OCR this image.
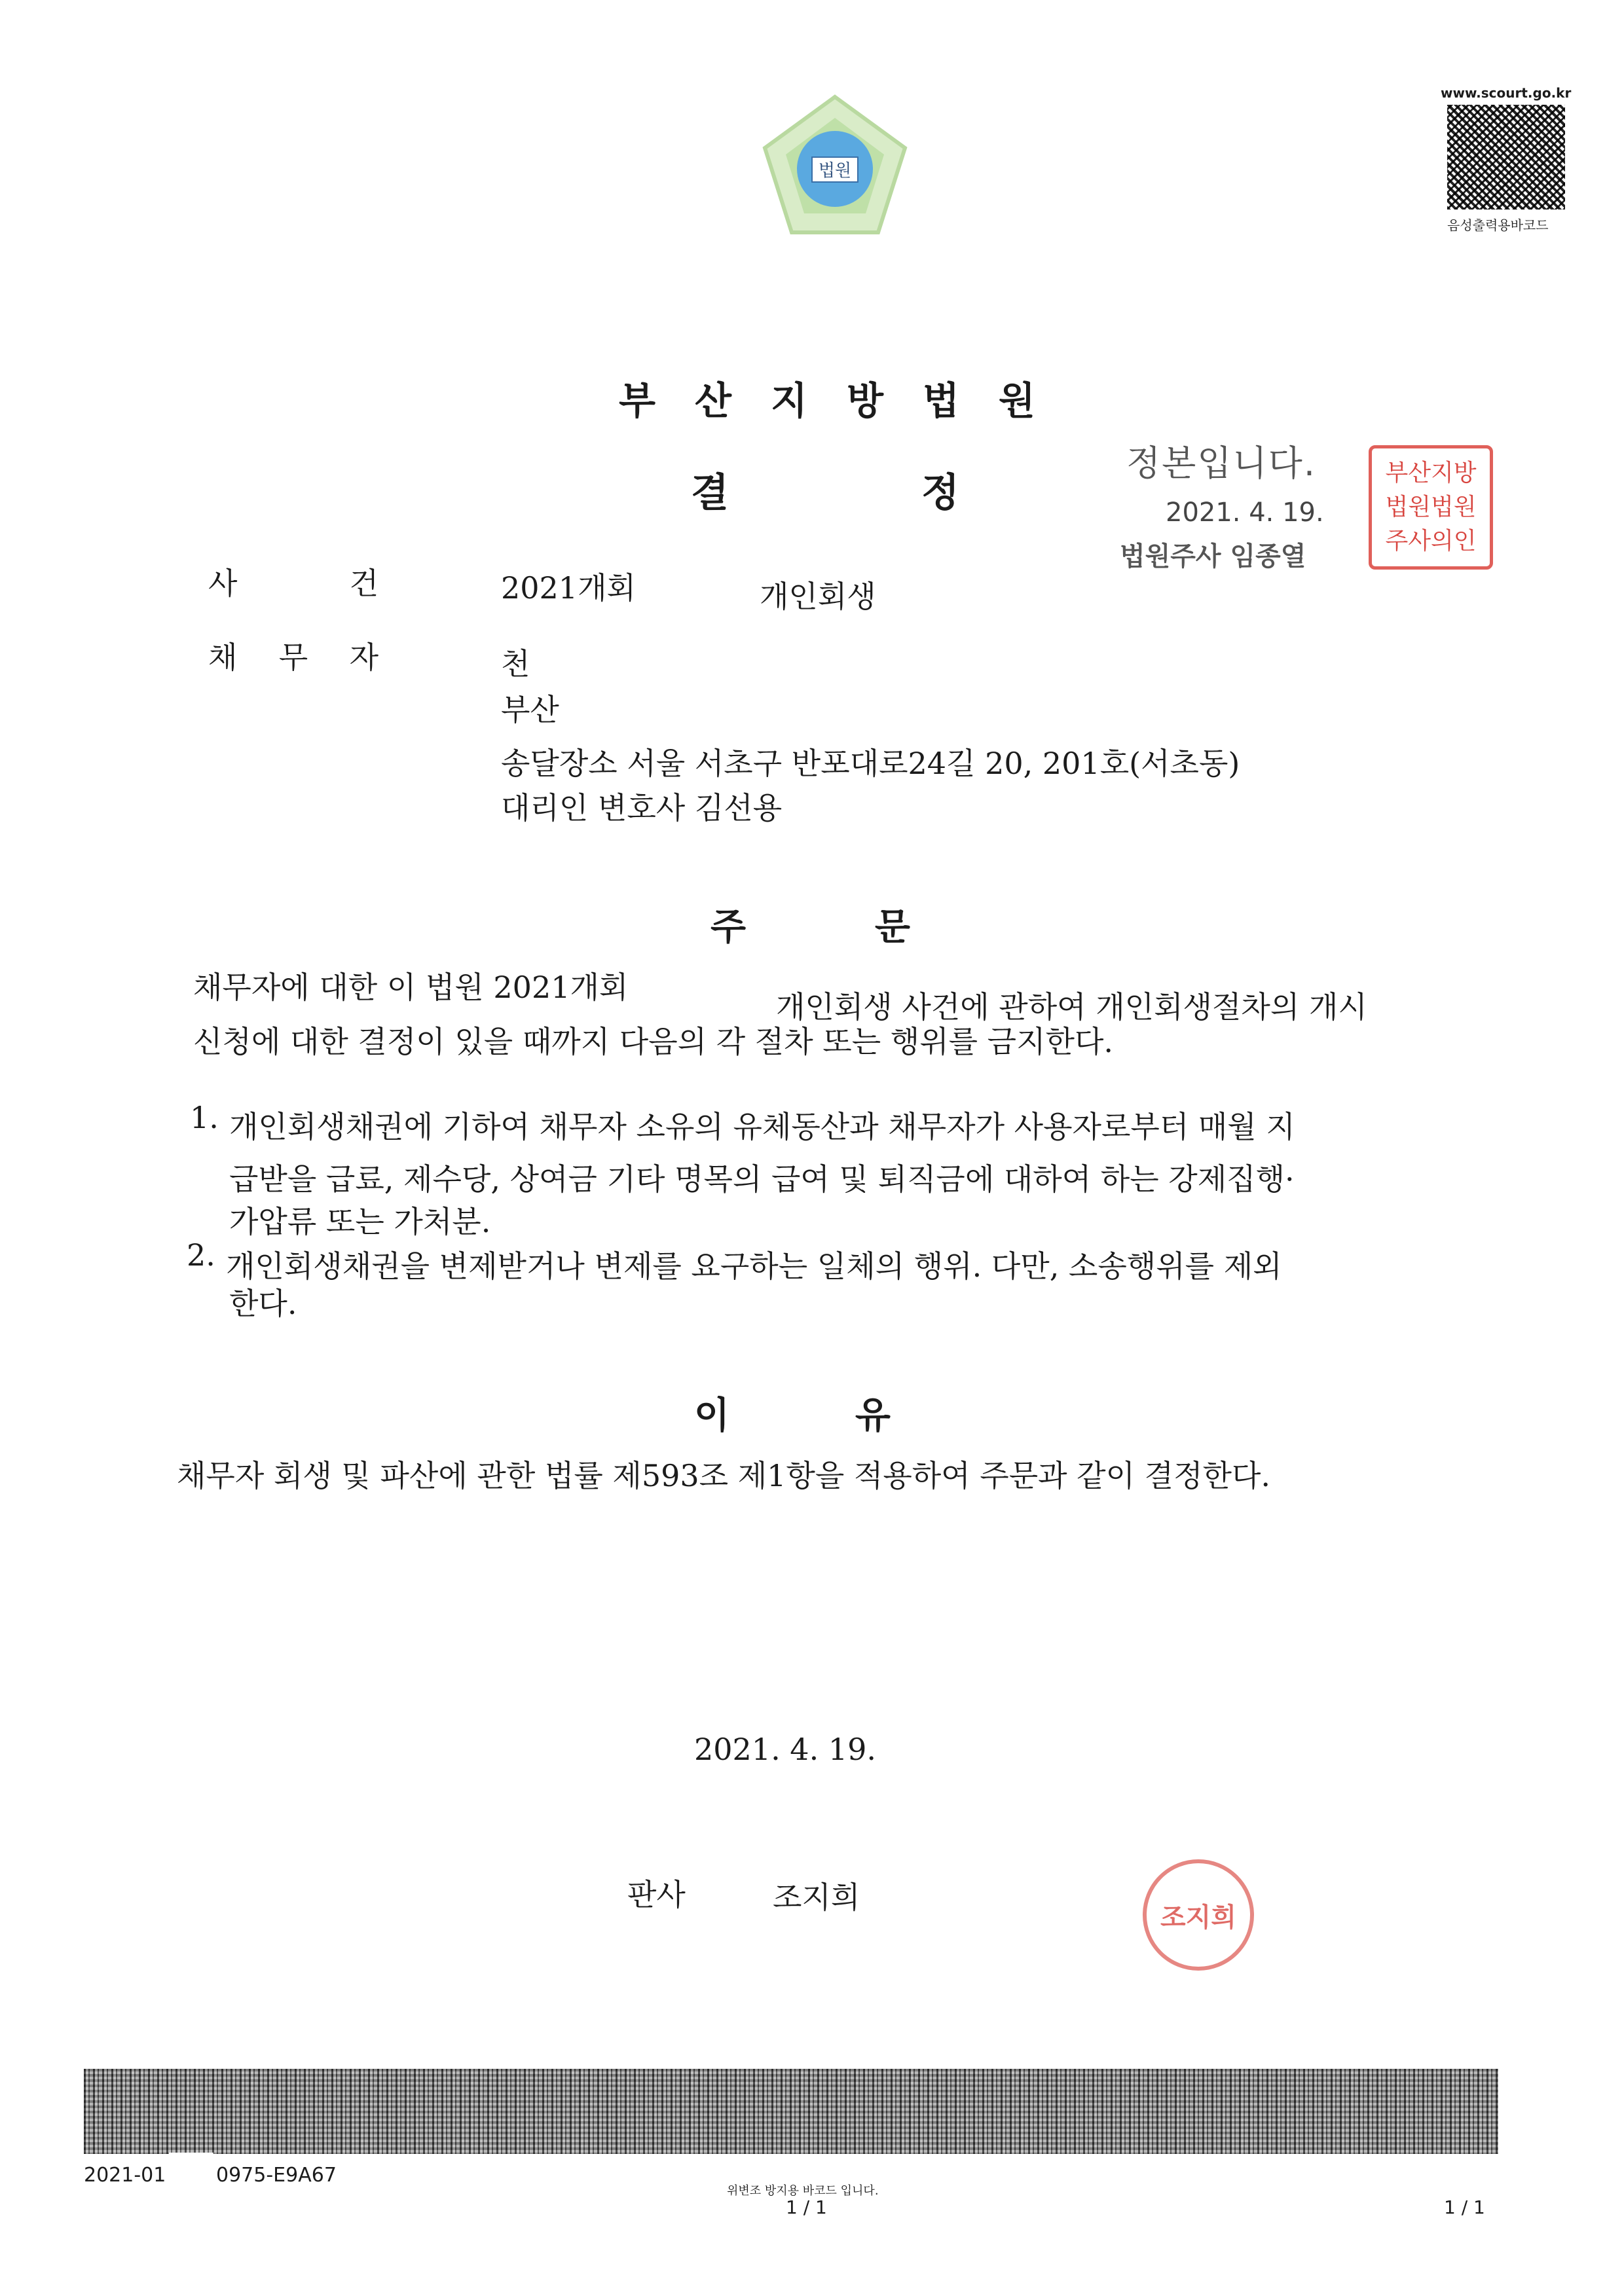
법원
www.scourt.go.kr
음성출력용바코드
부 산 지 방 법 원
결	정
정본입니다.
2021. 4. 19.
법원주사 임종열
부산지방
법원법원
주사의인
사	건	2021개회	개인회생
채 무 자	천
부산
송달장소 서울 서초구 반포대로24길 20, 201호(서초동)
대리인 변호사 김선용
주	문
채무자에 대한 이 법원 2021개회
개인회생 사건에 관하여 개인회생절차의 개시
신청에 대한 결정이 있을 때까지 다음의 각 절차 또는 행위를 금지한다.
1. 개인회생채권에 기하여 채무자 소유의 유체동산과 채무자가 사용자로부터 매월 지
급받을 급료, 제수당, 상여금 기타 명목의 급여 및 퇴직금에 대하여 하는 강제집행·
가압류 또는 가처분.
2. 개인회생채권을 변제받거나 변제를 요구하는 일체의 행위. 다만, 소송행위를 제외
한다.
이	유
채무자 회생 및 파산에 관한 법률 제593조 제1항을 적용하여 주문과 같이 결정한다.
2021. 4. 19.
판사	조지희
조지희
2021-01	0975-E9A67
위변조 방지용 바코드 입니다.
1 / 1	1 / 1
